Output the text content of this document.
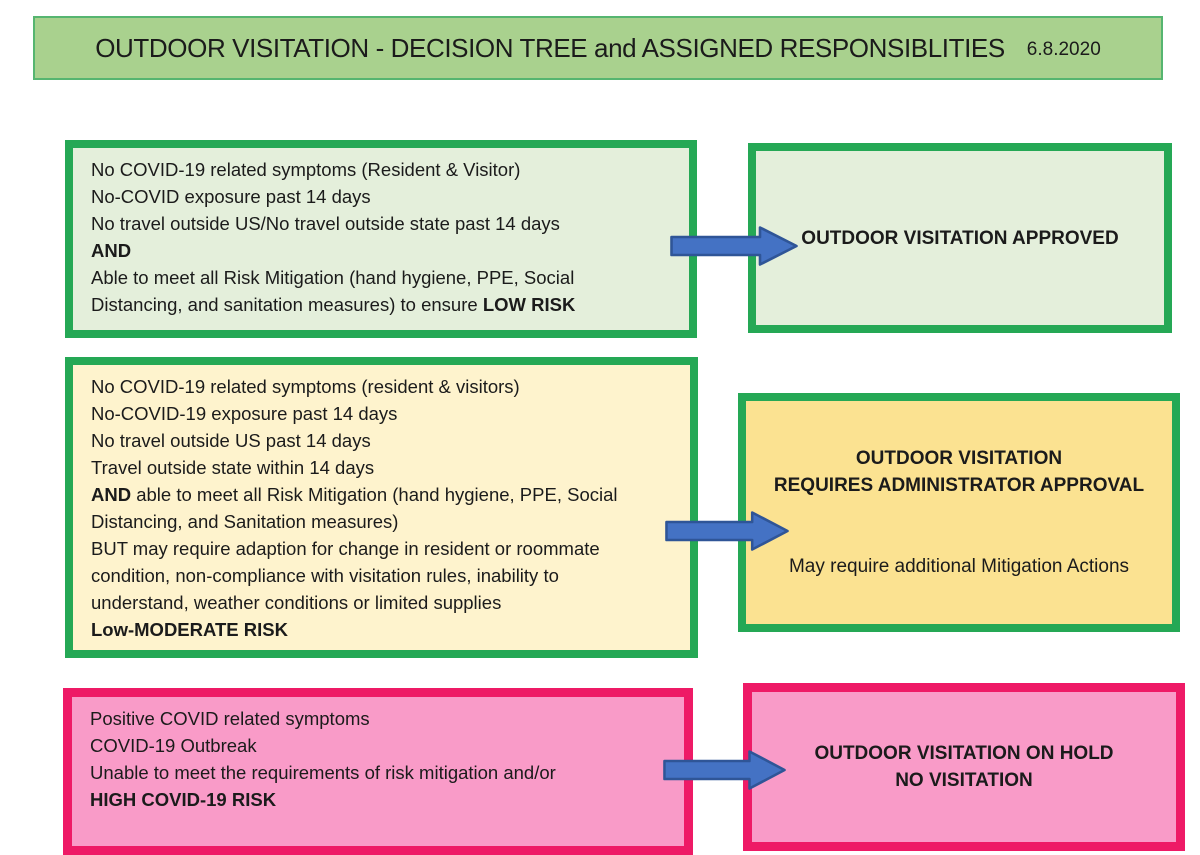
OUTDOOR VISITATION - DECISION TREE and ASSIGNED RESPONSIBLITIES 6.8.2020
No COVID-19 related symptoms (Resident & Visitor)
No-COVID exposure past 14 days
No travel outside US/No travel outside state past 14 days
AND
Able to meet all Risk Mitigation (hand hygiene, PPE, Social
Distancing, and sanitation measures) to ensure LOW RISK
OUTDOOR VISITATION APPROVED
No COVID-19 related symptoms (resident & visitors)
No-COVID-19 exposure past 14 days
No travel outside US past 14 days
Travel outside state within 14 days
AND able to meet all Risk Mitigation (hand hygiene, PPE, Social
Distancing, and Sanitation measures)
BUT may require adaption for change in resident or roommate
condition, non-compliance with visitation rules, inability to
understand, weather conditions or limited supplies
Low-MODERATE RISK
OUTDOOR VISITATION
REQUIRES ADMINISTRATOR APPROVAL

May require additional Mitigation Actions
Positive COVID related symptoms
COVID-19 Outbreak
Unable to meet the requirements of risk mitigation and/or
HIGH COVID-19 RISK
OUTDOOR VISITATION ON HOLD
NO VISITATION
